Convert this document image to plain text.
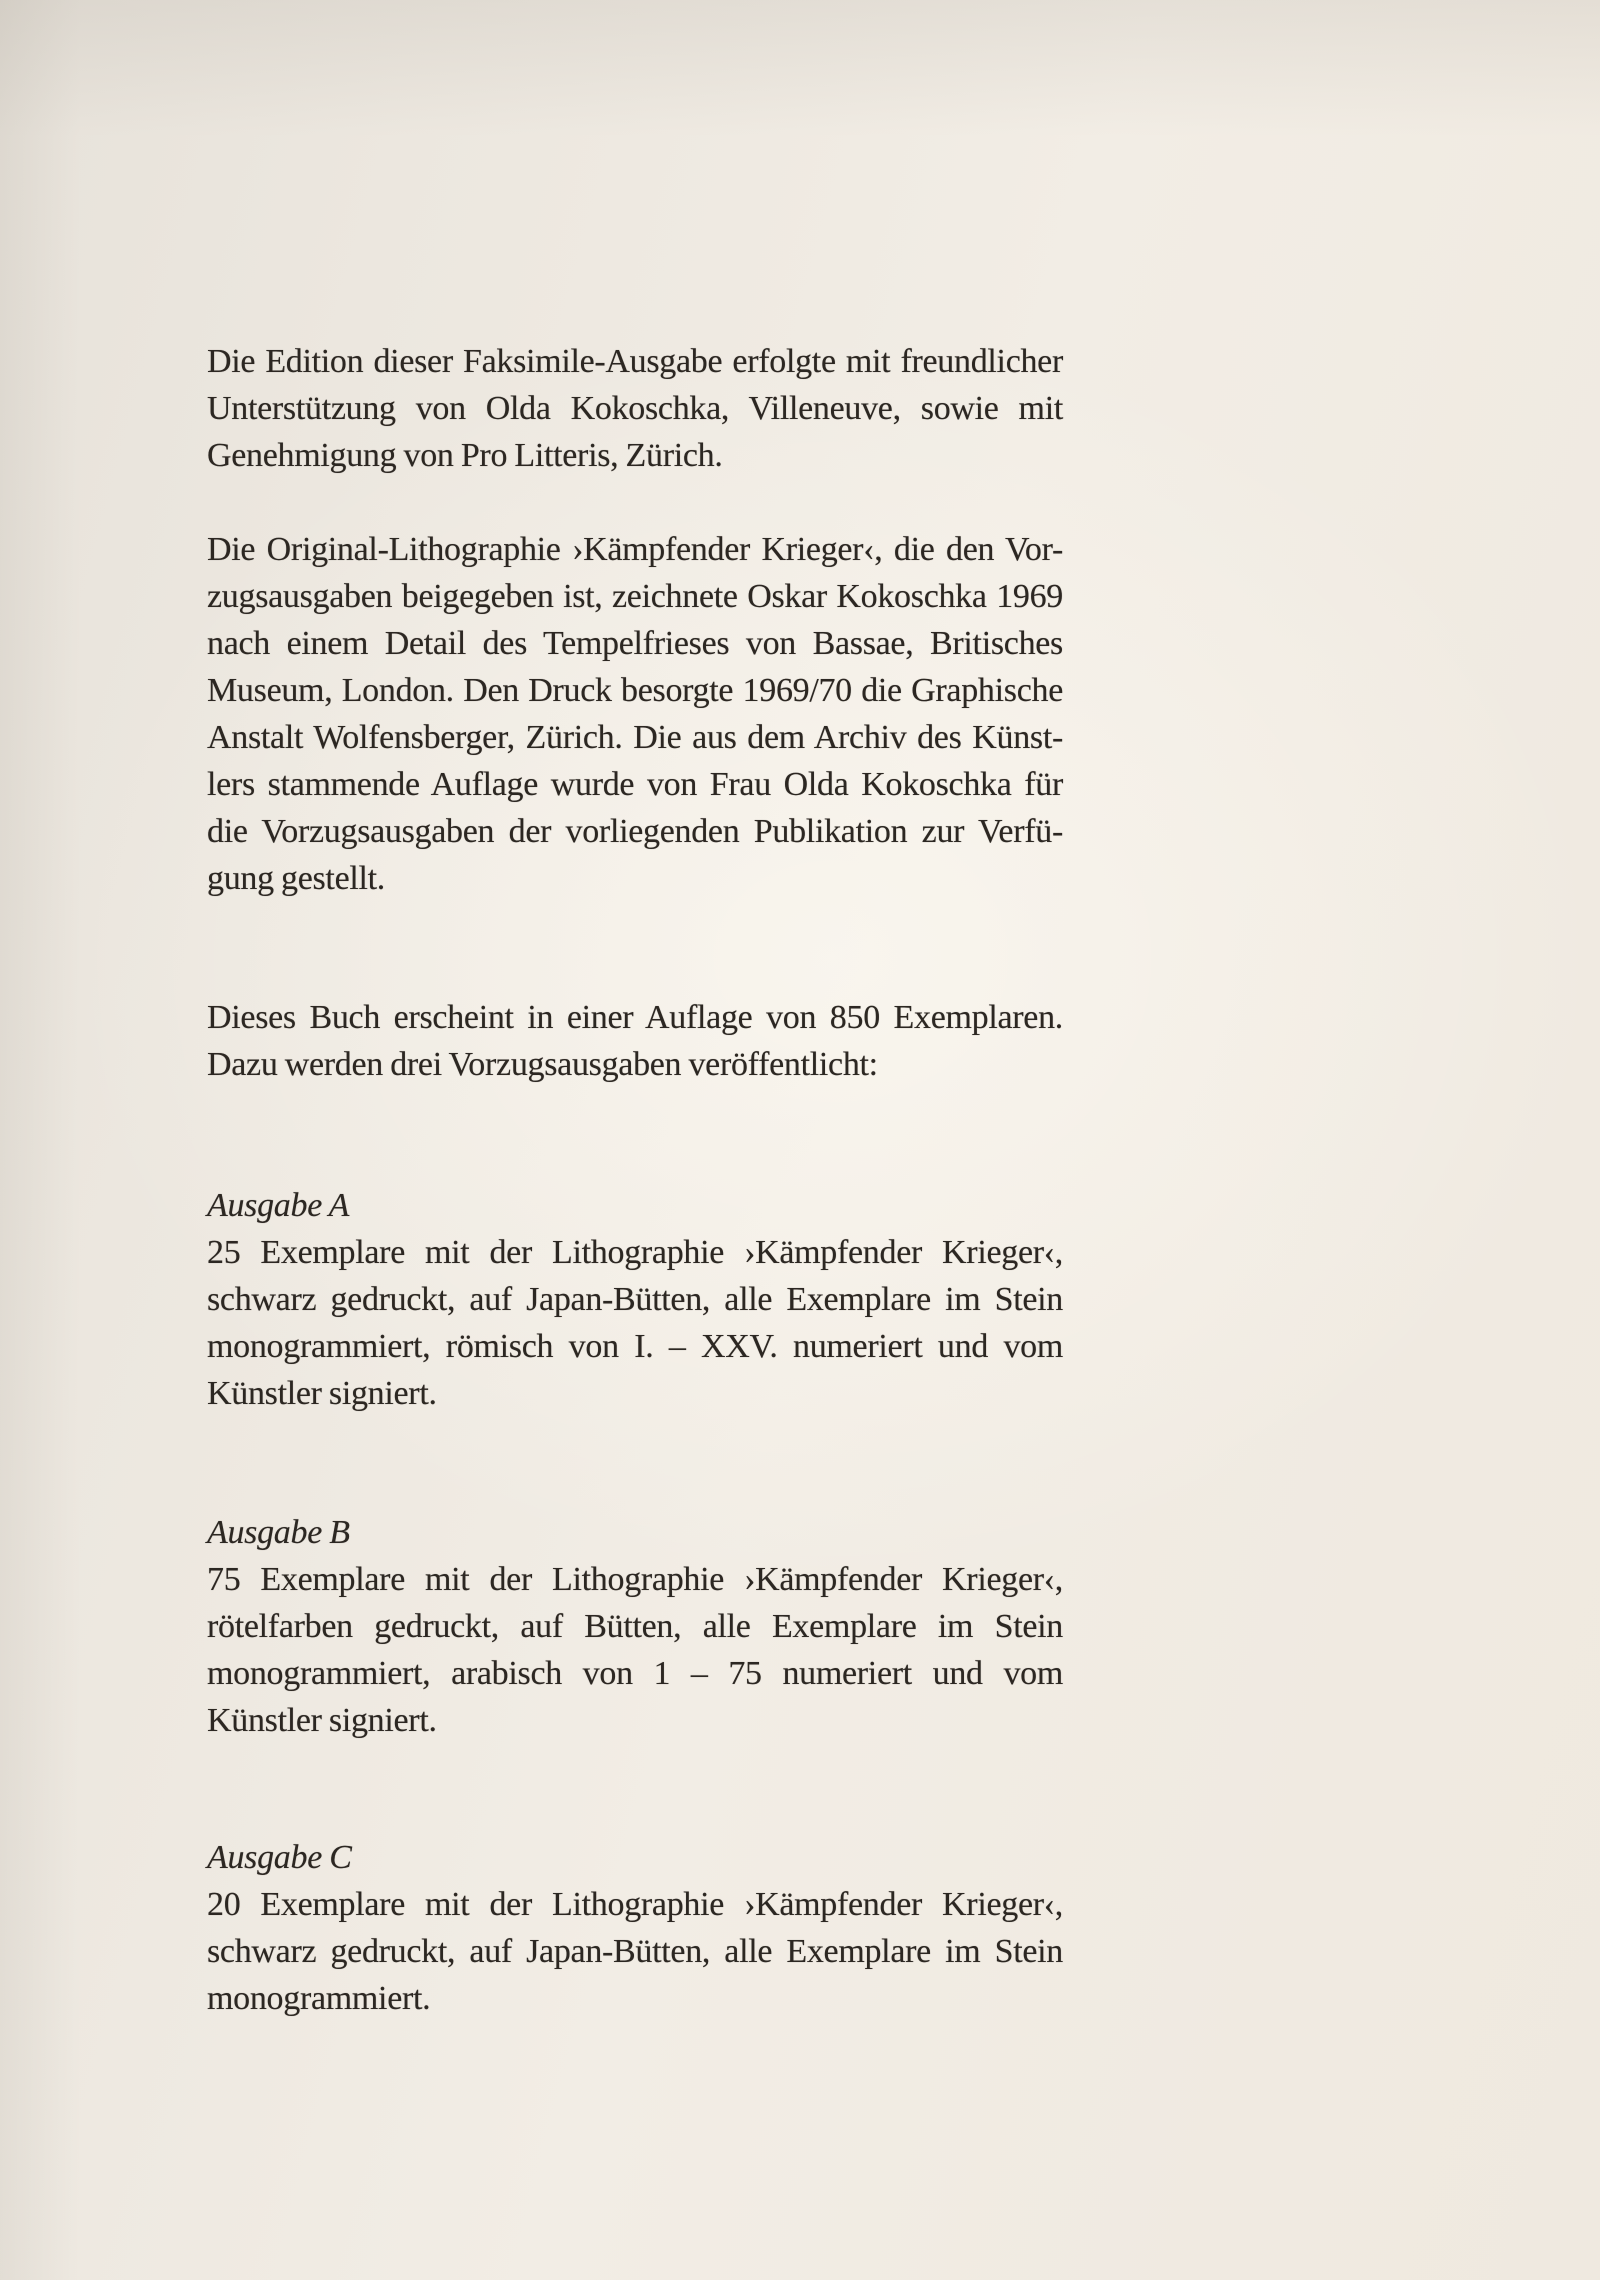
Die Edition dieser Faksimile-Ausgabe erfolgte mit freundlicher
Unterstützung von Olda Kokoschka, Villeneuve, sowie mit
Genehmigung von Pro Litteris, Zürich.
Die Original-Lithographie ›Kämpfender Krieger‹, die den Vor-
zugsausgaben beigegeben ist, zeichnete Oskar Kokoschka 1969
nach einem Detail des Tempelfrieses von Bassae, Britisches
Museum, London. Den Druck besorgte 1969/70 die Graphische
Anstalt Wolfensberger, Zürich. Die aus dem Archiv des Künst-
lers stammende Auflage wurde von Frau Olda Kokoschka für
die Vorzugsausgaben der vorliegenden Publikation zur Verfü-
gung gestellt.
Dieses Buch erscheint in einer Auflage von 850 Exemplaren.
Dazu werden drei Vorzugsausgaben veröffentlicht:
Ausgabe A
25 Exemplare mit der Lithographie ›Kämpfender Krieger‹,
schwarz gedruckt, auf Japan-Bütten, alle Exemplare im Stein
monogrammiert, römisch von I. – XXV. numeriert und vom
Künstler signiert.
Ausgabe B
75 Exemplare mit der Lithographie ›Kämpfender Krieger‹,
rötelfarben gedruckt, auf Bütten, alle Exemplare im Stein
monogrammiert, arabisch von 1 – 75 numeriert und vom
Künstler signiert.
Ausgabe C
20 Exemplare mit der Lithographie ›Kämpfender Krieger‹,
schwarz gedruckt, auf Japan-Bütten, alle Exemplare im Stein
monogrammiert.
